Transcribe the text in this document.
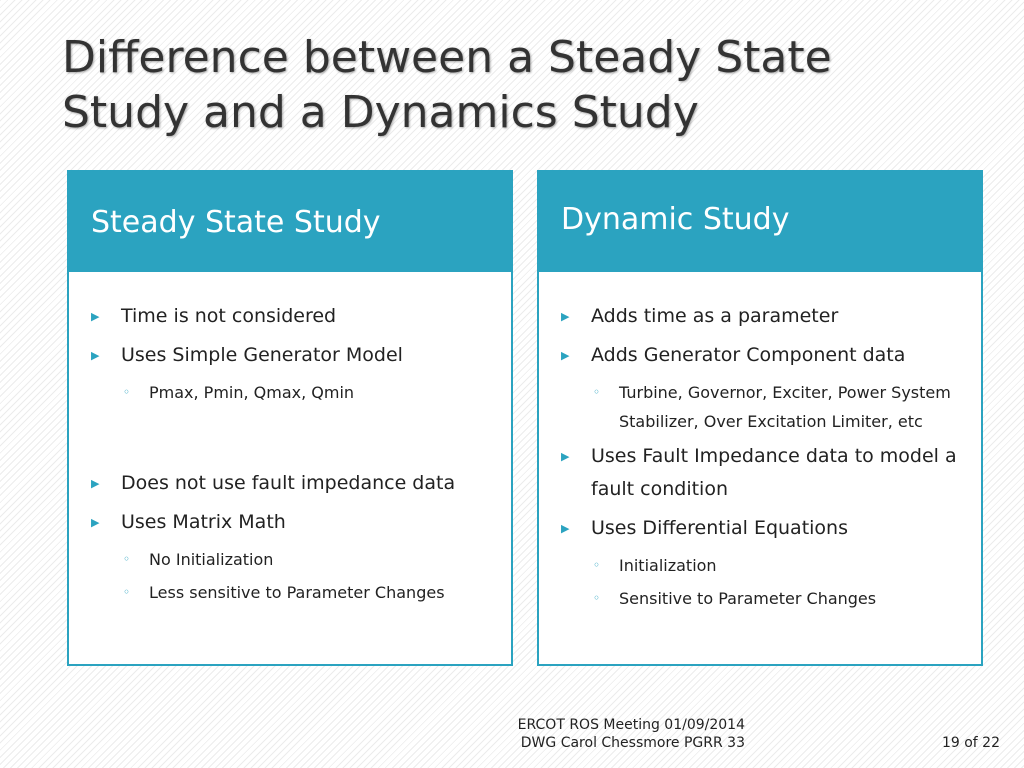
Difference between a Steady State
Study and a Dynamics Study
Steady State Study
▶ Time is not considered
▶ Uses Simple Generator Model
◦ Pmax, Pmin, Qmax, Qmin
▶ Does not use fault impedance data
▶ Uses Matrix Math
◦ No Initialization
◦ Less sensitive to Parameter Changes
Dynamic Study
▶ Adds time as a parameter
▶ Adds Generator Component data
◦ Turbine, Governor, Exciter, Power System Stabilizer, Over Excitation Limiter, etc
▶ Uses Fault Impedance data to model a fault condition
▶ Uses Differential Equations
◦ Initialization
◦ Sensitive to Parameter Changes
ERCOT ROS Meeting 01/09/2014
DWG Carol Chessmore PGRR 33	19 of 22
